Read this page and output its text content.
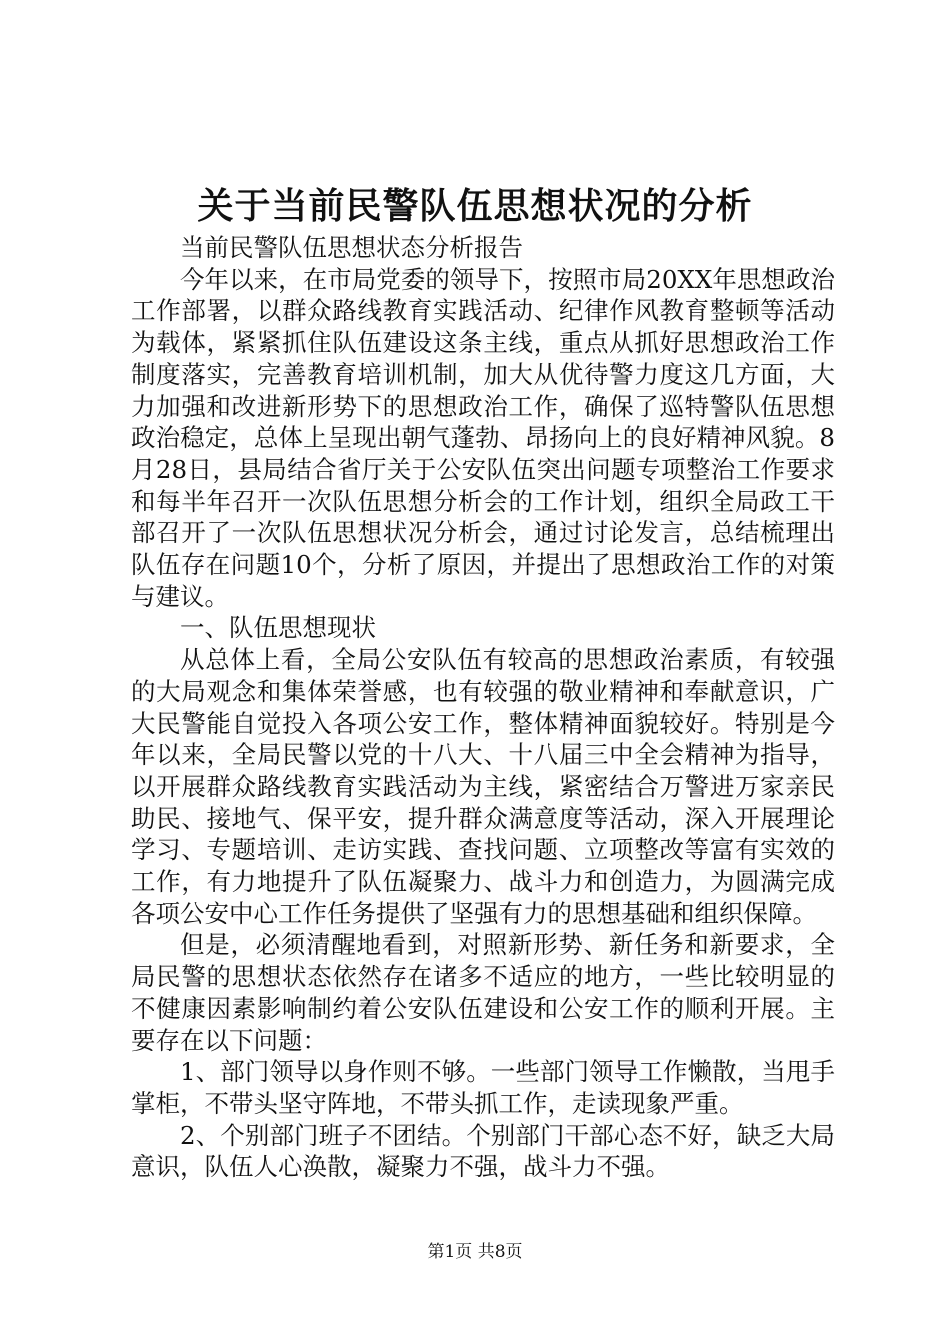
关于当前民警队伍思想状况的分析

当前民警队伍思想状态分析报告

今年以来，在市局党委的领导下，按照市局20XX年思想政治工作部署，以群众路线教育实践活动、纪律作风教育整顿等活动为载体，紧紧抓住队伍建设这条主线，重点从抓好思想政治工作制度落实，完善教育培训机制，加大从优待警力度这几方面，大力加强和改进新形势下的思想政治工作，确保了巡特警队伍思想政治稳定，总体上呈现出朝气蓬勃、昂扬向上的良好精神风貌。8月28日，县局结合省厅关于公安队伍突出问题专项整治工作要求和每半年召开一次队伍思想分析会的工作计划，组织全局政工干部召开了一次队伍思想状况分析会，通过讨论发言，总结梳理出队伍存在问题10个，分析了原因，并提出了思想政治工作的对策与建议。

一、队伍思想现状

从总体上看，全局公安队伍有较高的思想政治素质，有较强的大局观念和集体荣誉感，也有较强的敬业精神和奉献意识，广大民警能自觉投入各项公安工作，整体精神面貌较好。特别是今年以来，全局民警以党的十八大、十八届三中全会精神为指导，以开展群众路线教育实践活动为主线，紧密结合万警进万家亲民助民、接地气、保平安，提升群众满意度等活动，深入开展理论学习、专题培训、走访实践、查找问题、立项整改等富有实效的工作，有力地提升了队伍凝聚力、战斗力和创造力，为圆满完成各项公安中心工作任务提供了坚强有力的思想基础和组织保障。

但是，必须清醒地看到，对照新形势、新任务和新要求，全局民警的思想状态依然存在诸多不适应的地方，一些比较明显的不健康因素影响制约着公安队伍建设和公安工作的顺利开展。主要存在以下问题：

1、部门领导以身作则不够。一些部门领导工作懒散，当甩手掌柜，不带头坚守阵地，不带头抓工作，走读现象严重。

2、个别部门班子不团结。个别部门干部心态不好，缺乏大局意识，队伍人心涣散，凝聚力不强，战斗力不强。

第1页 共8页
